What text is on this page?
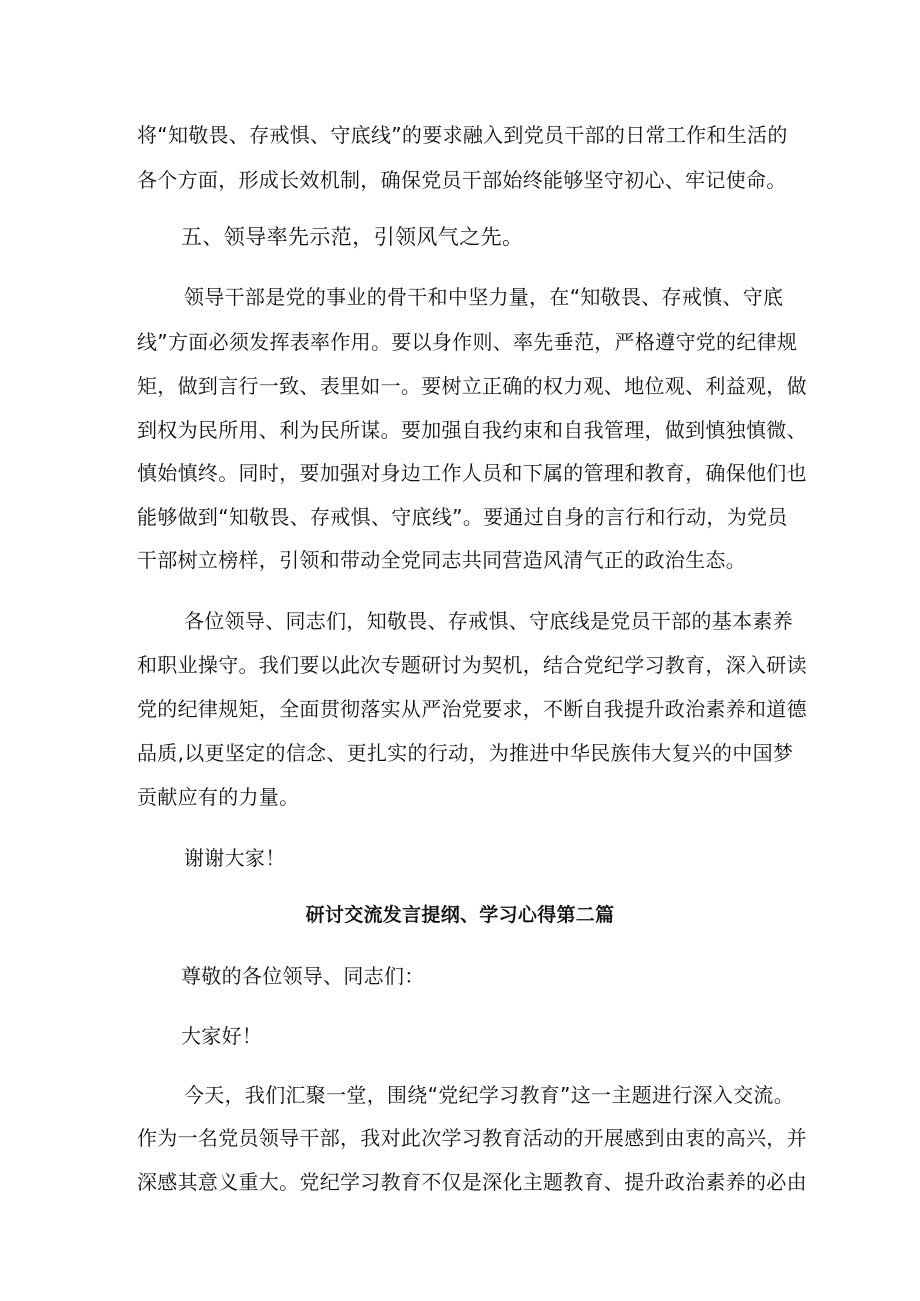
将“知敬畏、存戒惧、守底线”的要求融入到党员干部的日常工作和生活的
各个方面，形成长效机制，确保党员干部始终能够坚守初心、牢记使命。
五、领导率先示范，引领风气之先。
领导干部是党的事业的骨干和中坚力量，在“知敬畏、存戒慎、守底
线”方面必须发挥表率作用。要以身作则、率先垂范，严格遵守党的纪律规
矩，做到言行一致、表里如一。要树立正确的权力观、地位观、利益观，做
到权为民所用、利为民所谋。要加强自我约束和自我管理，做到慎独慎微、
慎始慎终。同时，要加强对身边工作人员和下属的管理和教育，确保他们也
能够做到“知敬畏、存戒惧、守底线”。要通过自身的言行和行动，为党员
干部树立榜样，引领和带动全党同志共同营造风清气正的政治生态。
各位领导、同志们，知敬畏、存戒惧、守底线是党员干部的基本素养
和职业操守。我们要以此次专题研讨为契机，结合党纪学习教育，深入研读
党的纪律规矩，全面贯彻落实从严治党要求，不断自我提升政治素养和道德
品质,以更坚定的信念、更扎实的行动，为推进中华民族伟大复兴的中国梦
贡献应有的力量。
谢谢大家！
研讨交流发言提纲、学习心得第二篇
尊敬的各位领导、同志们：
大家好！
今天，我们汇聚一堂，围绕“党纪学习教育”这一主题进行深入交流。
作为一名党员领导干部，我对此次学习教育活动的开展感到由衷的高兴，并
深感其意义重大。党纪学习教育不仅是深化主题教育、提升政治素养的必由
